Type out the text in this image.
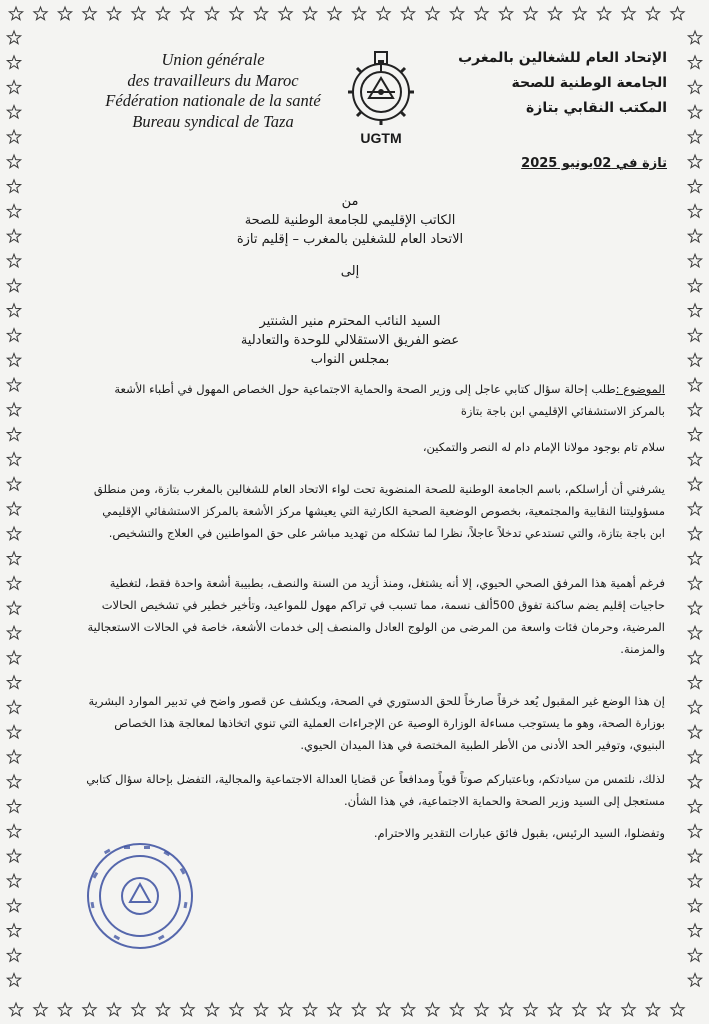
Union générale
des travailleurs du Maroc
Fédération nationale de la santé
Bureau syndical de Taza
UGTM
الإتحاد العام للشغالين بالمغرب
الجامعة الوطنية للصحة
المكتب النقابي بتازة
تازة في 02يونيو 2025
من
الكاتب الإقليمي للجامعة الوطنية للصحة
الاتحاد العام للشغلين بالمغرب – إقليم تازة
إلى
السيد النائب المحترم منير الشنتير
عضو الفريق الاستقلالي للوحدة والتعادلية
بمجلس النواب
الموضوع :طلب إحالة سؤال كتابي عاجل إلى وزير الصحة والحماية الاجتماعية حول الخصاص المهول في أطباء الأشعة بالمركز الاستشفائي الإقليمي ابن باجة بتازة
سلام تام بوجود مولانا الإمام دام له النصر والتمكين،
يشرفني أن أراسلكم، باسم الجامعة الوطنية للصحة المنضوية تحت لواء الاتحاد العام للشغالين بالمغرب بتازة، ومن منطلق مسؤوليتنا النقابية والمجتمعية، بخصوص الوضعية الصحية الكارثية التي يعيشها مركز الأشعة بالمركز الاستشفائي الإقليمي ابن باجة بتازة، والتي تستدعي تدخلاً عاجلاً، نظرا لما تشكله من تهديد مباشر على حق المواطنين في العلاج والتشخيص.
فرغم أهمية هذا المرفق الصحي الحيوي، إلا أنه يشتغل، ومنذ أزيد من السنة والنصف، بطبيبة أشعة واحدة فقط، لتغطية حاجيات إقليم يضم ساكنة تفوق 500ألف نسمة، مما تسبب في تراكم مهول للمواعيد، وتأخير خطير في تشخيص الحالات المرضية، وحرمان فئات واسعة من المرضى من الولوج العادل والمنصف إلى خدمات الأشعة، خاصة في الحالات الاستعجالية والمزمنة.
إن هذا الوضع غير المقبول يُعد خرقاً صارخاً للحق الدستوري في الصحة، ويكشف عن قصور واضح في تدبير الموارد البشرية بوزارة الصحة، وهو ما يستوجب مساءلة الوزارة الوصية عن الإجراءات العملية التي تنوي اتخاذها لمعالجة هذا الخصاص البنيوي، وتوفير الحد الأدنى من الأطر الطبية المختصة في هذا الميدان الحيوي.
لذلك، نلتمس من سيادتكم، وباعتباركم صوتاً قوياً ومدافعاً عن قضايا العدالة الاجتماعية والمجالية، التفضل بإحالة سؤال كتابي مستعجل إلى السيد وزير الصحة والحماية الاجتماعية، في هذا الشأن.
وتفضلوا، السيد الرئيس، بقبول فائق عبارات التقدير والاحترام.
